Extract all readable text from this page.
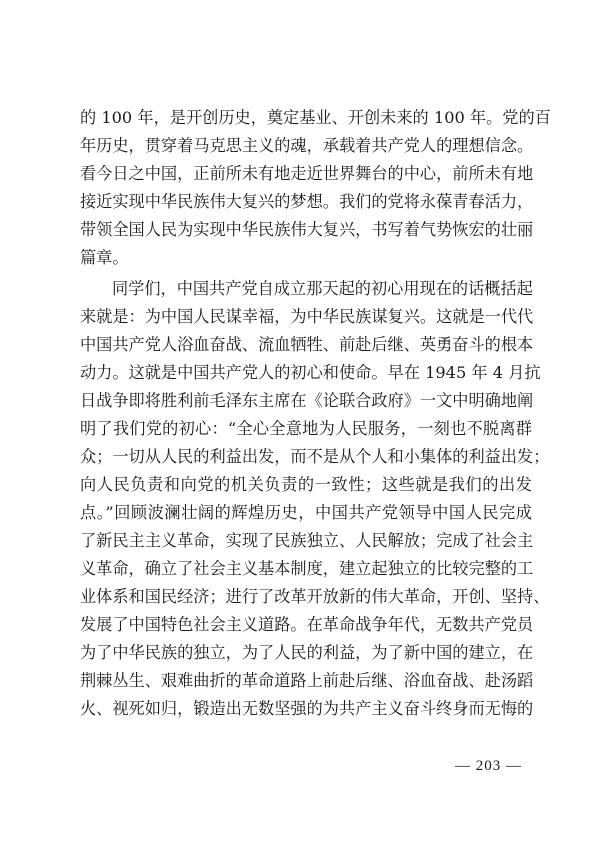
的 100 年，是开创历史，奠定基业、开创未来的 100 年。党的百
年历史，贯穿着马克思主义的魂，承载着共产党人的理想信念。
看今日之中国，正前所未有地走近世界舞台的中心，前所未有地
接近实现中华民族伟大复兴的梦想。我们的党将永葆青春活力，
带领全国人民为实现中华民族伟大复兴，书写着气势恢宏的壮丽
篇章。
同学们，中国共产党自成立那天起的初心用现在的话概括起
来就是：为中国人民谋幸福，为中华民族谋复兴。这就是一代代
中国共产党人浴血奋战、流血牺牲、前赴后继、英勇奋斗的根本
动力。这就是中国共产党人的初心和使命。早在 1945 年 4 月抗
日战争即将胜利前毛泽东主席在《论联合政府》一文中明确地阐
明了我们党的初心：“全心全意地为人民服务，一刻也不脱离群
众；一切从人民的利益出发，而不是从个人和小集体的利益出发；
向人民负责和向党的机关负责的一致性；这些就是我们的出发
点。”回顾波澜壮阔的辉煌历史，中国共产党领导中国人民完成
了新民主主义革命，实现了民族独立、人民解放；完成了社会主
义革命，确立了社会主义基本制度，建立起独立的比较完整的工
业体系和国民经济；进行了改革开放新的伟大革命，开创、坚持、
发展了中国特色社会主义道路。在革命战争年代，无数共产党员
为了中华民族的独立，为了人民的利益，为了新中国的建立，在
荆棘丛生、艰难曲折的革命道路上前赴后继、浴血奋战、赴汤蹈
火、视死如归，锻造出无数坚强的为共产主义奋斗终身而无悔的
— 203 —
